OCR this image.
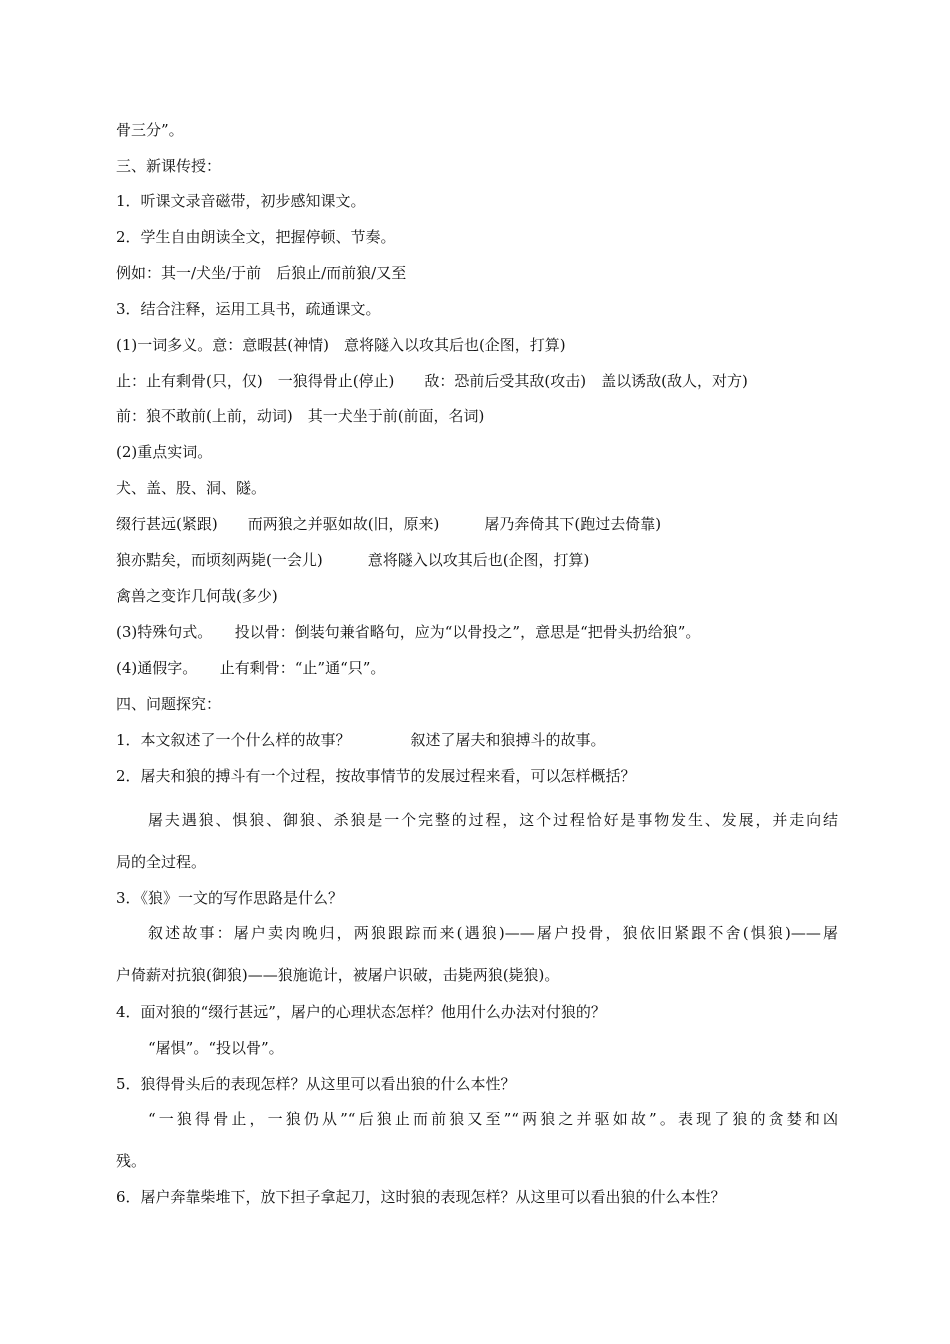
骨三分”。
三、新课传授：
1．听课文录音磁带，初步感知课文。
2．学生自由朗读全文，把握停顿、节奏。
例如：其一/犬坐/于前　后狼止/而前狼/又至
3．结合注释，运用工具书，疏通课文。
(1)一词多义。意：意暇甚(神情)　意将隧入以攻其后也(企图，打算)
止：止有剩骨(只，仅)　一狼得骨止(停止)　　敌：恐前后受其敌(攻击)　盖以诱敌(敌人，对方)
前：狼不敢前(上前，动词)　其一犬坐于前(前面，名词)
(2)重点实词。
犬、盖、股、洞、隧。
缀行甚远(紧跟)　　而两狼之并驱如故(旧，原来)　　　屠乃奔倚其下(跑过去倚靠)
狼亦黠矣，而顷刻两毙(一会儿)　　　意将隧入以攻其后也(企图，打算)
禽兽之变诈几何哉(多少)
(3)特殊句式。　　投以骨：倒装句兼省略句，应为“以骨投之”，意思是“把骨头扔给狼”。
(4)通假字。　　止有剩骨：“止”通“只”。
四、问题探究：
1．本文叙述了一个什么样的故事？　　　　叙述了屠夫和狼搏斗的故事。
2．屠夫和狼的搏斗有一个过程，按故事情节的发展过程来看，可以怎样概括？
屠夫遇狼、惧狼、御狼、杀狼是一个完整的过程，这个过程恰好是事物发生、发展，并走向结
局的全过程。
3．《狼》一文的写作思路是什么？
叙述故事：屠户卖肉晚归，两狼跟踪而来(遇狼)——屠户投骨，狼依旧紧跟不舍(惧狼)——屠
户倚薪对抗狼(御狼)——狼施诡计，被屠户识破，击毙两狼(毙狼)。
4．面对狼的“缀行甚远”，屠户的心理状态怎样？他用什么办法对付狼的？
“屠惧”。“投以骨”。
5．狼得骨头后的表现怎样？从这里可以看出狼的什么本性？
“一狼得骨止，一狼仍从”“后狼止而前狼又至”“两狼之并驱如故”。表现了狼的贪婪和凶
残。
6．屠户奔靠柴堆下，放下担子拿起刀，这时狼的表现怎样？从这里可以看出狼的什么本性？
